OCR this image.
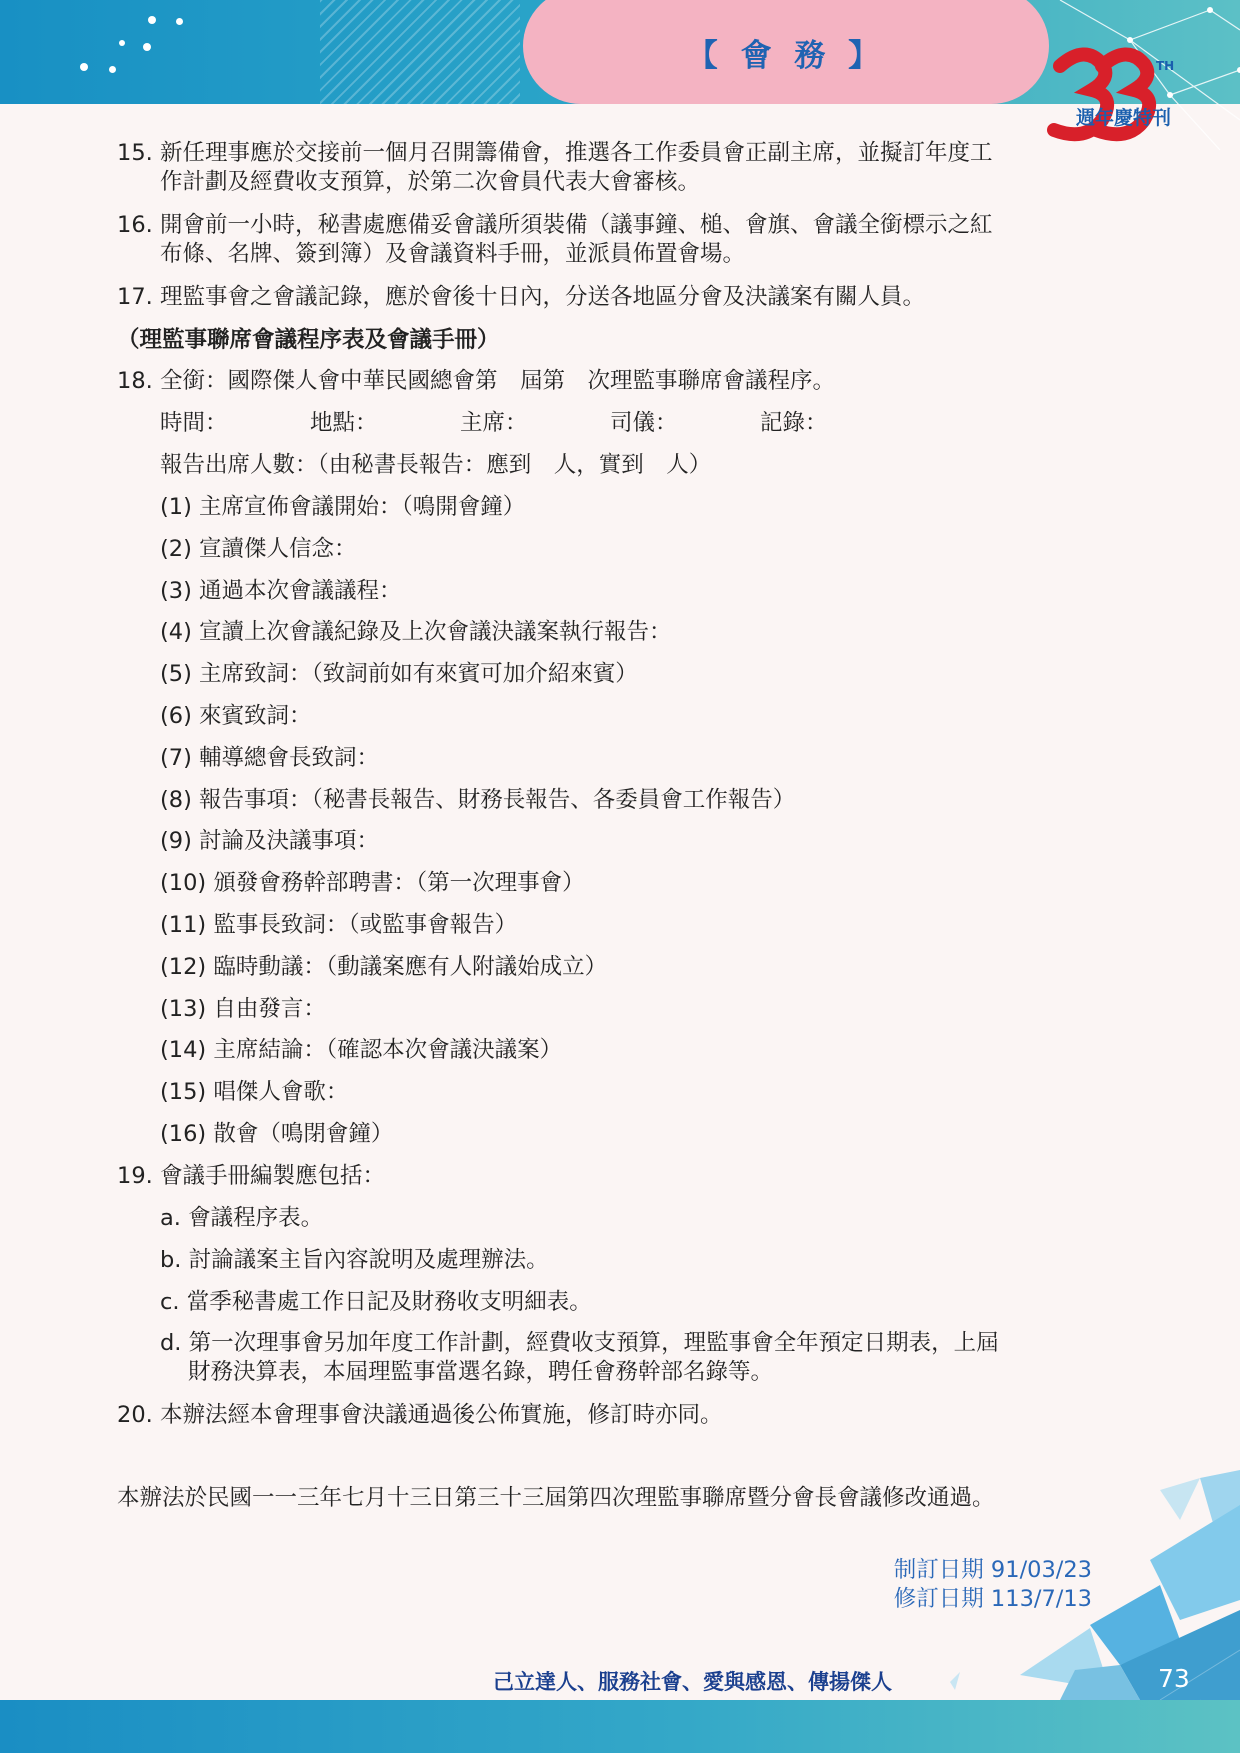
【 會 務 】	TH
週年慶特刊
15. 新任理事應於交接前一個月召開籌備會，推選各工作委員會正副主席，並擬訂年度工
作計劃及經費收支預算，於第二次會員代表大會審核。
16. 開會前一小時，秘書處應備妥會議所須裝備（議事鐘、槌、會旗、會議全銜標示之紅
布條、名牌、簽到簿）及會議資料手冊，並派員佈置會場。
17. 理監事會之會議記錄，應於會後十日內，分送各地區分會及決議案有關人員。
（理監事聯席會議程序表及會議手冊）
18. 全銜：國際傑人會中華民國總會第　屆第　次理監事聯席會議程序。
時間：	地點：	主席：	司儀：	記錄：
報告出席人數：（由秘書長報告：應到　人，實到　人）
(1) 主席宣佈會議開始：（鳴開會鐘）
(2) 宣讀傑人信念：
(3) 通過本次會議議程：
(4) 宣讀上次會議紀錄及上次會議決議案執行報告：
(5) 主席致詞：（致詞前如有來賓可加介紹來賓）
(6) 來賓致詞：
(7) 輔導總會長致詞：
(8) 報告事項：（秘書長報告、財務長報告、各委員會工作報告）
(9) 討論及決議事項：
(10) 頒發會務幹部聘書：（第一次理事會）
(11) 監事長致詞：（或監事會報告）
(12) 臨時動議：（動議案應有人附議始成立）
(13) 自由發言：
(14) 主席結論：（確認本次會議決議案）
(15) 唱傑人會歌：
(16) 散會（鳴閉會鐘）
19. 會議手冊編製應包括：
a. 會議程序表。
b. 討論議案主旨內容說明及處理辦法。
c. 當季秘書處工作日記及財務收支明細表。
d. 第一次理事會另加年度工作計劃，經費收支預算，理監事會全年預定日期表，上屆
財務決算表，本屆理監事當選名錄，聘任會務幹部名錄等。
20. 本辦法經本會理事會決議通過後公佈實施，修訂時亦同。
本辦法於民國一一三年七月十三日第三十三屆第四次理監事聯席暨分會長會議修改通過。
制訂日期 91/03/23
修訂日期 113/7/13
己立達人、服務社會、愛與感恩、傳揚傑人	73
